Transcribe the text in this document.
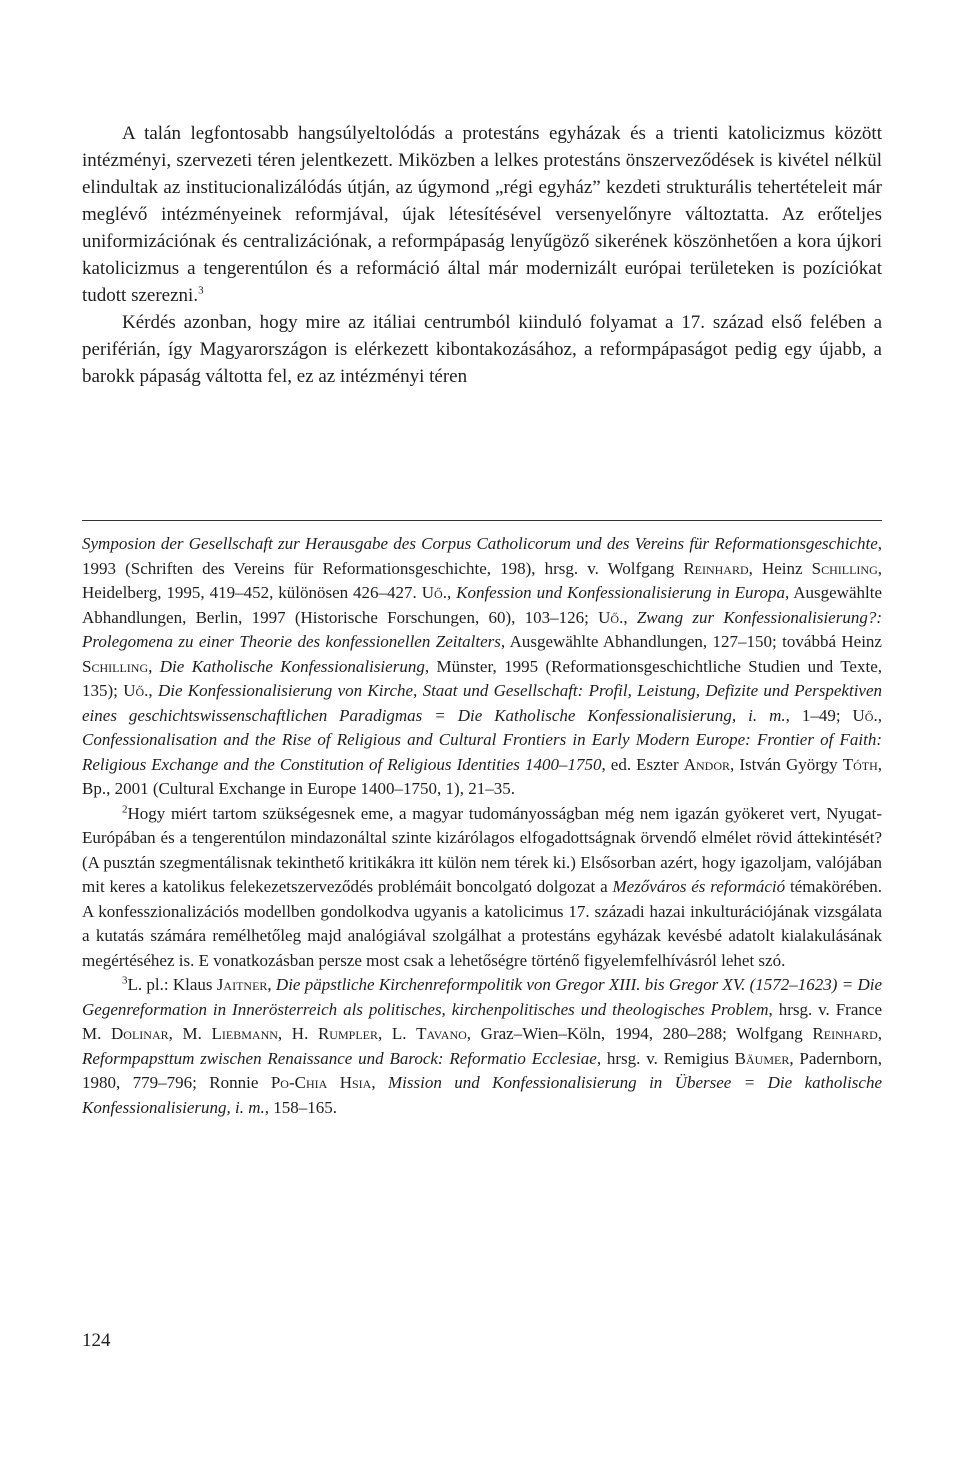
A talán legfontosabb hangsúlyeltolódás a protestáns egyházak és a trienti katolicizmus között intézményi, szervezeti téren jelentkezett. Miközben a lelkes protestáns önszerveződések is kivétel nélkül elindultak az institucionalizálódás útján, az úgymond „régi egyház” kezdeti strukturális tehertételeit már meglévő intézményeinek reformjával, újak létesítésével versenyelőnyre változtatta. Az erőteljes uniformizációnak és centralizációnak, a reformpápaság lenyűgöző sikerének köszönhetően a kora újkori katolicizmus a tengerentúlon és a reformáció által már modernizált európai területeken is pozíciókat tudott szerezni.$^3$

Kérdés azonban, hogy mire az itáliai centrumból kiinduló folyamat a 17. század első felében a periférián, így Magyarországon is elérkezett kibontakozásához, a reformpápaságot pedig egy újabb, a barokk pápaság váltotta fel, ez az intézményi téren

Symposion der Gesellschaft zur Herausgabe des Corpus Catholicorum und des Vereins für Reformationsgeschichte, 1993 (Schriften des Vereins für Reformationsgeschichte, 198), hrsg. v. Wolfgang Reinhard, Heinz Schilling, Heidelberg, 1995, 419–452, különösen 426–427. Uő., Konfession und Konfessionalisierung in Europa, Ausgewählte Abhandlungen, Berlin, 1997 (Historische Forschungen, 60), 103–126; Uő., Zwang zur Konfessionalisierung?: Prolegomena zu einer Theorie des konfessionellen Zeitalters, Ausgewählte Abhandlungen, 127–150; továbbá Heinz Schilling, Die Katholische Konfessionalisierung, Münster, 1995 (Reformationsgeschichtliche Studien und Texte, 135); Uő., Die Konfessionalisierung von Kirche, Staat und Gesellschaft: Profil, Leistung, Defizite und Perspektiven eines geschichtswissenschaftlichen Paradigmas = Die Katholische Konfessionalisierung, i. m., 1–49; Uő., Confessionalisation and the Rise of Religious and Cultural Frontiers in Early Modern Europe: Frontier of Faith: Religious Exchange and the Constitution of Religious Identities 1400–1750, ed. Eszter Andor, István György Tóth, Bp., 2001 (Cultural Exchange in Europe 1400–1750, 1), 21–35.

$^2$Hogy miért tartom szükségesnek eme, a magyar tudományosságban még nem igazán gyökeret vert, Nyugat-Európában és a tengerentúlon mindazonáltal szinte kizárólagos elfogadottságnak örvendő elmélet rövid áttekintését? (A pusztán szegmentálisnak tekinthető kritikákra itt külön nem térek ki.) Elsősorban azért, hogy igazoljam, valójában mit keres a katolikus felekezetszerveződés problémáit boncolgató dolgozat a Mezőváros és reformáció témakörében. A konfesszionalizációs modellben gondolkodva ugyanis a katolicimus 17. századi hazai inkulturációjának vizsgálata a kutatás számára remélhetőleg majd analógiával szolgálhat a protestáns egyházak kevésbé adatolt kialakulásának megértéséhez is. E vonatkozásban persze most csak a lehetőségre történő figyelemfelhívásról lehet szó.

$^3$L. pl.: Klaus Jaitner, Die päpstliche Kirchenreformpolitik von Gregor XIII. bis Gregor XV. (1572–1623) = Die Gegenreformation in Innerösterreich als politisches, kirchenpolitisches und theologisches Problem, hrsg. v. France M. Dolinar, M. Liebmann, H. Rumpler, L. Tavano, Graz–Wien–Köln, 1994, 280–288; Wolfgang Reinhard, Reformpapsttum zwischen Renaissance und Barock: Reformatio Ecclesiae, hrsg. v. Remigius Bäumer, Padernborn, 1980, 779–796; Ronnie Po-Chia Hsia, Mission und Konfessionalisierung in Übersee = Die katholische Konfessionalisierung, i. m., 158–165.

124
